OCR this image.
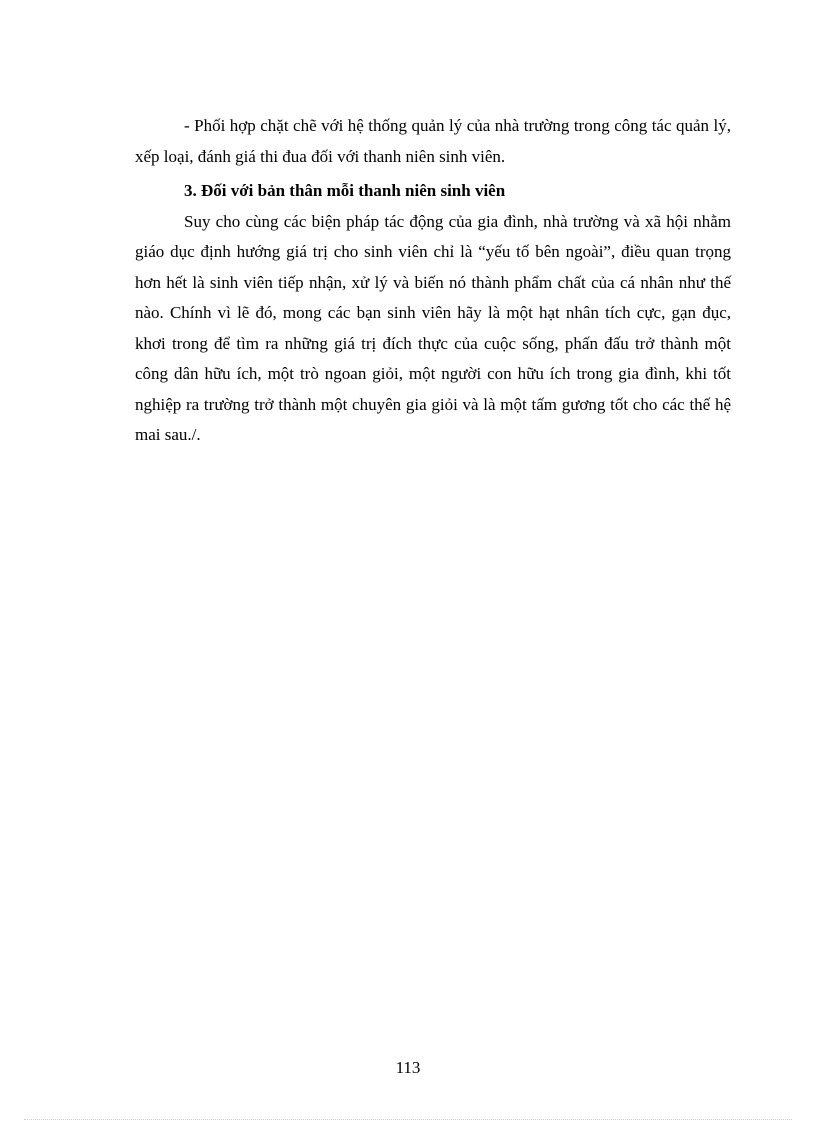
- Phối hợp chặt chẽ với hệ thống quản lý của nhà trường trong công tác quản lý, xếp loại, đánh giá thi đua đối với thanh niên sinh viên.

3. Đối với bản thân mỗi thanh niên sinh viên

Suy cho cùng các biện pháp tác động của gia đình, nhà trường và xã hội nhằm giáo dục định hướng giá trị cho sinh viên chỉ là “yếu tố bên ngoài”, điều quan trọng hơn hết là sinh viên tiếp nhận, xử lý và biến nó thành phẩm chất của cá nhân như thế nào. Chính vì lẽ đó, mong các bạn sinh viên hãy là một hạt nhân tích cực, gạn đục, khơi trong để tìm ra những giá trị đích thực của cuộc sống, phấn đấu trở thành một công dân hữu ích, một trò ngoan giỏi, một người con hữu ích trong gia đình, khi tốt nghiệp ra trường trở thành một chuyên gia giỏi và là một tấm gương tốt cho các thế hệ mai sau./.

113
